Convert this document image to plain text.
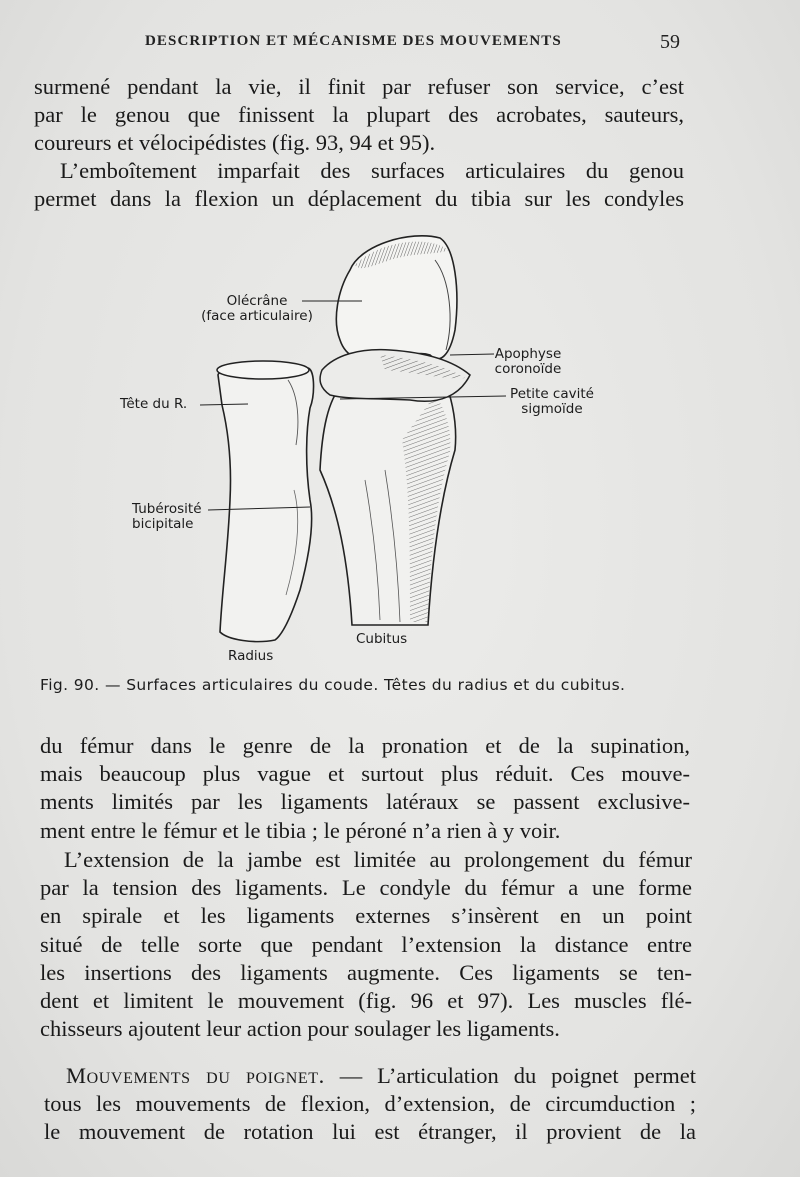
DESCRIPTION ET MÉCANISME DES MOUVEMENTS	59
surmené pendant la vie, il finit par refuser son service, c’est
par le genou que finissent la plupart des acrobates, sauteurs,
coureurs et vélocipédistes (fig. 93, 94 et 95).
L’emboîtement imparfait des surfaces articulaires du genou
permet dans la flexion un déplacement du tibia sur les condyles
Olécrâne
(face articulaire)
Apophyse
coronoïde
Petite cavité
sigmoïde
Tête du R.
Tubérosité
bicipitale
Cubitus
Radius
Fig. 90. — Surfaces articulaires du coude. Têtes du radius et du cubitus.
du fémur dans le genre de la pronation et de la supination,
mais beaucoup plus vague et surtout plus réduit. Ces mouve-
ments limités par les ligaments latéraux se passent exclusive-
ment entre le fémur et le tibia ; le péroné n’a rien à y voir.
L’extension de la jambe est limitée au prolongement du fémur
par la tension des ligaments. Le condyle du fémur a une forme
en spirale et les ligaments externes s’insèrent en un point
situé de telle sorte que pendant l’extension la distance entre
les insertions des ligaments augmente. Ces ligaments se ten-
dent et limitent le mouvement (fig. 96 et 97). Les muscles flé-
chisseurs ajoutent leur action pour soulager les ligaments.
Mouvements du poignet. — L’articulation du poignet permet
tous les mouvements de flexion, d’extension, de circumduction ;
le mouvement de rotation lui est étranger, il provient de la
